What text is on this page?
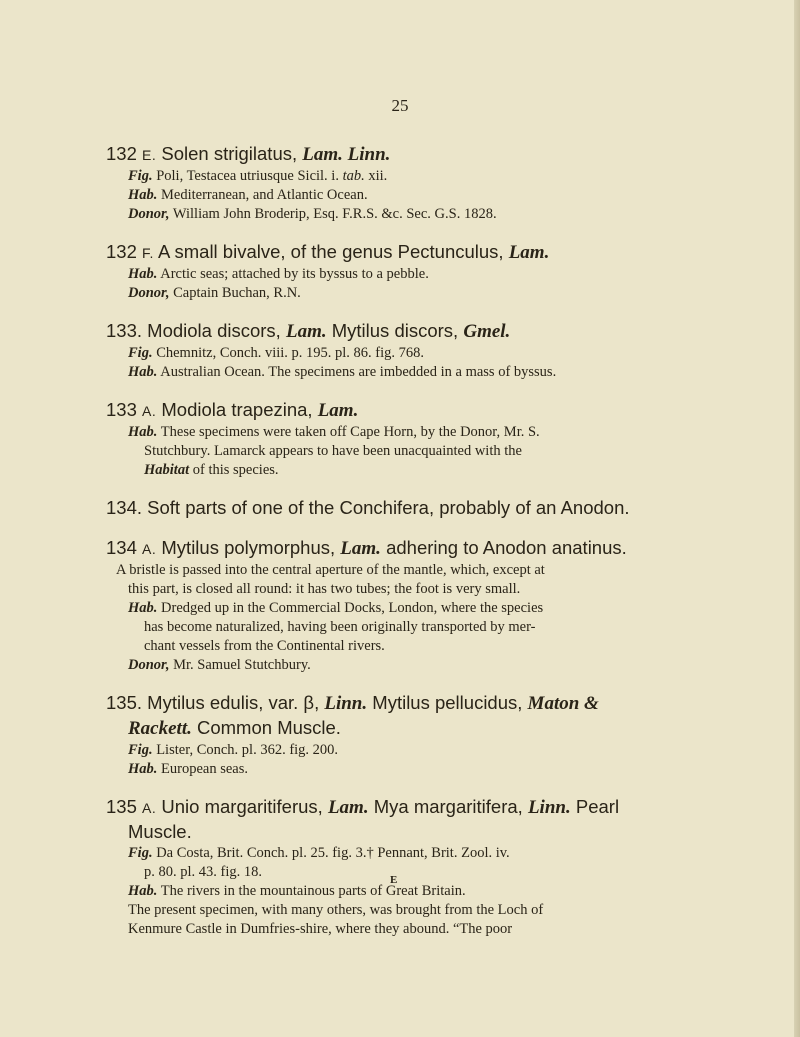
25

132 E. Solen strigilatus, Lam. Linn.

Fig. Poli, Testacea utriusque Sicil. i. tab. xii.

Hab. Mediterranean, and Atlantic Ocean.

Donor, William John Broderip, Esq. F.R.S. &c. Sec. G.S. 1828.

132 F. A small bivalve, of the genus Pectunculus, Lam.

Hab. Arctic seas; attached by its byssus to a pebble.

Donor, Captain Buchan, R.N.

133. Modiola discors, Lam. Mytilus discors, Gmel.

Fig. Chemnitz, Conch. viii. p. 195. pl. 86. fig. 768.

Hab. Australian Ocean. The specimens are imbedded in a mass of byssus.

133 A. Modiola trapezina, Lam.

Hab. These specimens were taken off Cape Horn, by the Donor, Mr. S.

Stutchbury. Lamarck appears to have been unacquainted with the

Habitat of this species.

134. Soft parts of one of the Conchifera, probably of an Anodon.

134 A. Mytilus polymorphus, Lam. adhering to Anodon anatinus.

A bristle is passed into the central aperture of the mantle, which, except at

this part, is closed all round: it has two tubes; the foot is very small.

Hab. Dredged up in the Commercial Docks, London, where the species

has become naturalized, having been originally transported by mer-

chant vessels from the Continental rivers.

Donor, Mr. Samuel Stutchbury.

135. Mytilus edulis, var. β, Linn. Mytilus pellucidus, Maton &

Rackett. Common Muscle.

Fig. Lister, Conch. pl. 362. fig. 200.

Hab. European seas.

135 A. Unio margaritiferus, Lam. Mya margaritifera, Linn. Pearl

Muscle.

Fig. Da Costa, Brit. Conch. pl. 25. fig. 3.† Pennant, Brit. Zool. iv.

p. 80. pl. 43. fig. 18.

Hab. The rivers in the mountainous parts of Great Britain.

The present specimen, with many others, was brought from the Loch of

Kenmure Castle in Dumfries-shire, where they abound. “The poor

E
